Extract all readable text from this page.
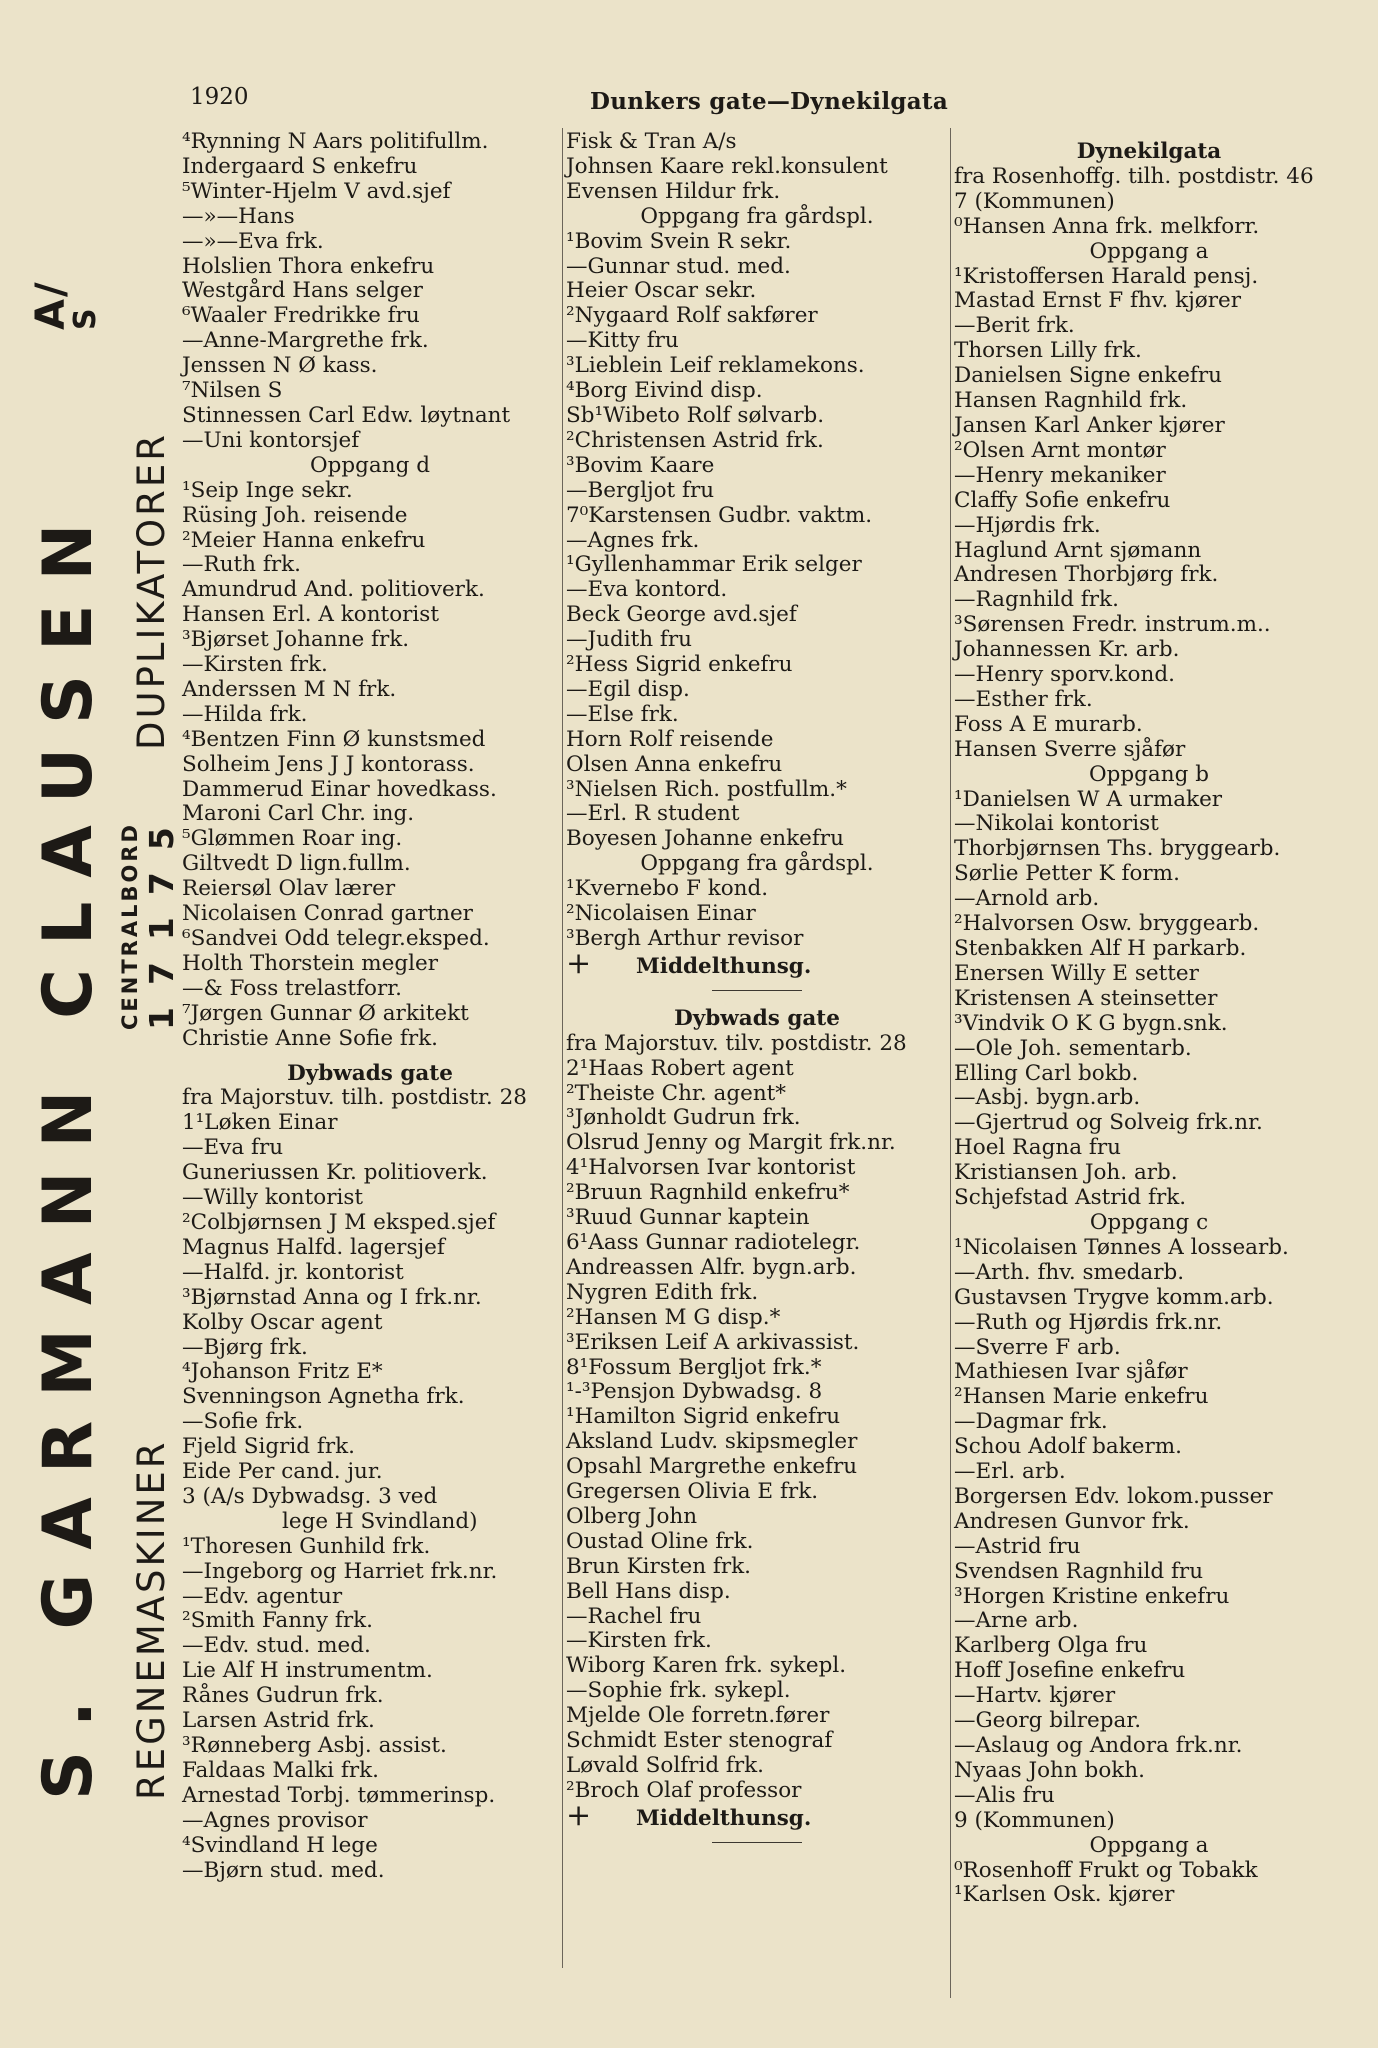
1920	Dunkers gate—Dynekilgata
S. GARMANN CLAUSEN
A/
S
REGNEMASKINER
CENTRALBORD 17175
DUPLIKATORER
⁴Rynning N Aars politifullm.
Indergaard S enkefru
⁵Winter-Hjelm V avd.sjef
—»—Hans
—»—Eva frk.
Holslien Thora enkefru
Westgård Hans selger
⁶Waaler Fredrikke fru
—Anne-Margrethe frk.
Jenssen N Ø kass.
⁷Nilsen S
Stinnessen Carl Edw. løytnant
—Uni kontorsjef
Oppgang d
¹Seip Inge sekr.
Rüsing Joh. reisende
²Meier Hanna enkefru
—Ruth frk.
Amundrud And. politioverk.
Hansen Erl. A kontorist
³Bjørset Johanne frk.
—Kirsten frk.
Anderssen M N frk.
—Hilda frk.
⁴Bentzen Finn Ø kunstsmed
Solheim Jens J J kontorass.
Dammerud Einar hovedkass.
Maroni Carl Chr. ing.
⁵Glømmen Roar ing.
Giltvedt D lign.fullm.
Reiersøl Olav lærer
Nicolaisen Conrad gartner
⁶Sandvei Odd telegr.eksped.
Holth Thorstein megler
—& Foss trelastforr.
⁷Jørgen Gunnar Ø arkitekt
Christie Anne Sofie frk.
Dybwads gate
fra Majorstuv. tilh. postdistr. 28
1¹Løken Einar
—Eva fru
Guneriussen Kr. politioverk.
—Willy kontorist
²Colbjørnsen J M eksped.sjef
Magnus Halfd. lagersjef
—Halfd. jr. kontorist
³Bjørnstad Anna og I frk.nr.
Kolby Oscar agent
—Bjørg frk.
⁴Johanson Fritz E*
Svenningson Agnetha frk.
—Sofie frk.
Fjeld Sigrid frk.
Eide Per cand. jur.
3 (A/s Dybwadsg. 3 ved
lege H Svindland)
¹Thoresen Gunhild frk.
—Ingeborg og Harriet frk.nr.
—Edv. agentur
²Smith Fanny frk.
—Edv. stud. med.
Lie Alf H instrumentm.
Rånes Gudrun frk.
Larsen Astrid frk.
³Rønneberg Asbj. assist.
Faldaas Malki frk.
Arnestad Torbj. tømmerinsp.
—Agnes provisor
⁴Svindland H lege
—Bjørn stud. med.
Fisk & Tran A/s
Johnsen Kaare rekl.konsulent
Evensen Hildur frk.
Oppgang fra gårdspl.
¹Bovim Svein R sekr.
—Gunnar stud. med.
Heier Oscar sekr.
²Nygaard Rolf sakfører
—Kitty fru
³Lieblein Leif reklamekons.
⁴Borg Eivind disp.
Sb¹Wibeto Rolf sølvarb.
²Christensen Astrid frk.
³Bovim Kaare
—Bergljot fru
7⁰Karstensen Gudbr. vaktm.
—Agnes frk.
¹Gyllenhammar Erik selger
—Eva kontord.
Beck George avd.sjef
—Judith fru
²Hess Sigrid enkefru
—Egil disp.
—Else frk.
Horn Rolf reisende
Olsen Anna enkefru
³Nielsen Rich. postfullm.*
—Erl. R student
Boyesen Johanne enkefru
Oppgang fra gårdspl.
¹Kvernebo F kond.
²Nicolaisen Einar
³Bergh Arthur revisor
+ Middelthunsg.
Dybwads gate
fra Majorstuv. tilv. postdistr. 28
2¹Haas Robert agent
²Theiste Chr. agent*
³Jønholdt Gudrun frk.
Olsrud Jenny og Margit frk.nr.
4¹Halvorsen Ivar kontorist
²Bruun Ragnhild enkefru*
³Ruud Gunnar kaptein
6¹Aass Gunnar radiotelegr.
Andreassen Alfr. bygn.arb.
Nygren Edith frk.
²Hansen M G disp.*
³Eriksen Leif A arkivassist.
8¹Fossum Bergljot frk.*
¹-³Pensjon Dybwadsg. 8
¹Hamilton Sigrid enkefru
Aksland Ludv. skipsmegler
Opsahl Margrethe enkefru
Gregersen Olivia E frk.
Olberg John
Oustad Oline frk.
Brun Kirsten frk.
Bell Hans disp.
—Rachel fru
—Kirsten frk.
Wiborg Karen frk. sykepl.
—Sophie frk. sykepl.
Mjelde Ole forretn.fører
Schmidt Ester stenograf
Løvald Solfrid frk.
²Broch Olaf professor
+ Middelthunsg.
Dynekilgata
fra Rosenhoffg. tilh. postdistr. 46
7 (Kommunen)
⁰Hansen Anna frk. melkforr.
Oppgang a
¹Kristoffersen Harald pensj.
Mastad Ernst F fhv. kjører
—Berit frk.
Thorsen Lilly frk.
Danielsen Signe enkefru
Hansen Ragnhild frk.
Jansen Karl Anker kjører
²Olsen Arnt montør
—Henry mekaniker
Claffy Sofie enkefru
—Hjørdis frk.
Haglund Arnt sjømann
Andresen Thorbjørg frk.
—Ragnhild frk.
³Sørensen Fredr. instrum.m..
Johannessen Kr. arb.
—Henry sporv.kond.
—Esther frk.
Foss A E murarb.
Hansen Sverre sjåfør
Oppgang b
¹Danielsen W A urmaker
—Nikolai kontorist
Thorbjørnsen Ths. bryggearb.
Sørlie Petter K form.
—Arnold arb.
²Halvorsen Osw. bryggearb.
Stenbakken Alf H parkarb.
Enersen Willy E setter
Kristensen A steinsetter
³Vindvik O K G bygn.snk.
—Ole Joh. sementarb.
Elling Carl bokb.
—Asbj. bygn.arb.
—Gjertrud og Solveig frk.nr.
Hoel Ragna fru
Kristiansen Joh. arb.
Schjefstad Astrid frk.
Oppgang c
¹Nicolaisen Tønnes A lossearb.
—Arth. fhv. smedarb.
Gustavsen Trygve komm.arb.
—Ruth og Hjørdis frk.nr.
—Sverre F arb.
Mathiesen Ivar sjåfør
²Hansen Marie enkefru
—Dagmar frk.
Schou Adolf bakerm.
—Erl. arb.
Borgersen Edv. lokom.pusser
Andresen Gunvor frk.
—Astrid fru
Svendsen Ragnhild fru
³Horgen Kristine enkefru
—Arne arb.
Karlberg Olga fru
Hoff Josefine enkefru
—Hartv. kjører
—Georg bilrepar.
—Aslaug og Andora frk.nr.
Nyaas John bokh.
—Alis fru
9 (Kommunen)
Oppgang a
⁰Rosenhoff Frukt og Tobakk
¹Karlsen Osk. kjører
